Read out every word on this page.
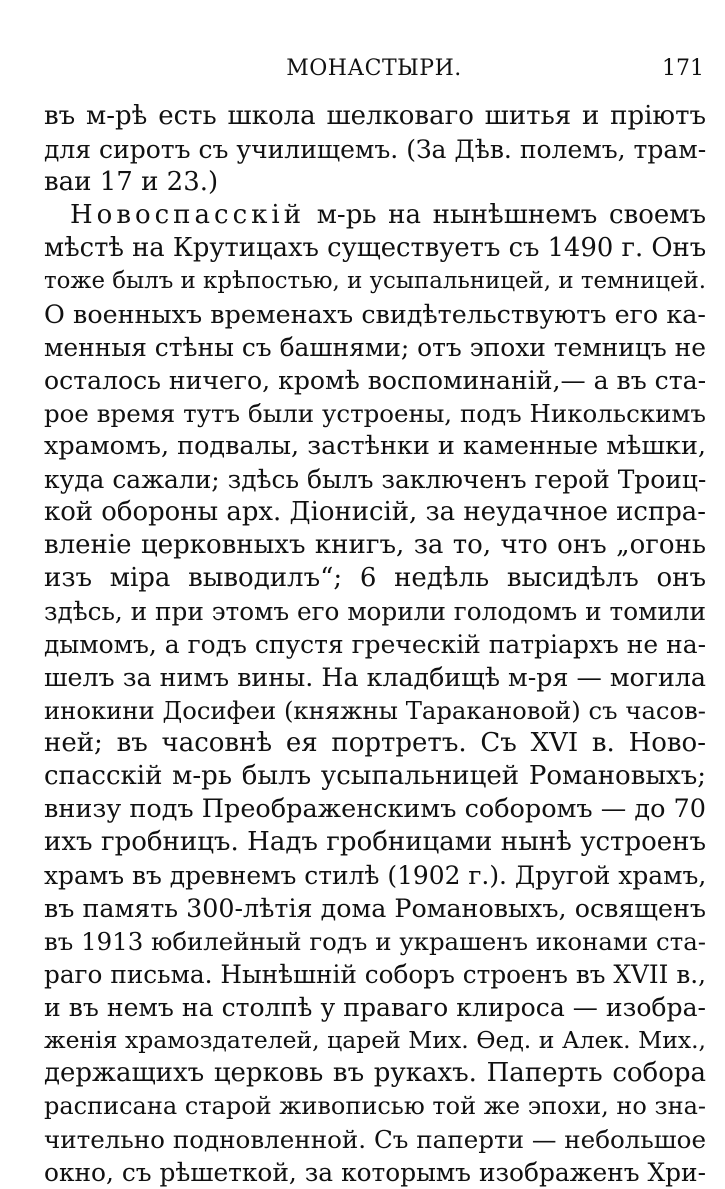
МОНАСТЫРИ.	171
въ м-рѣ есть школа шелковаго шитья и прiютъ
для сиротъ съ училищемъ. (За Дѣв. полемъ, трам-
ваи 17 и 23.)
Новоспасскiй м-рь на нынѣшнемъ своемъ
мѣстѣ на Крутицахъ существуетъ съ 1490 г. Онъ
тоже былъ и крѣпостью, и усыпальницей, и темницей.
О военныхъ временахъ свидѣтельствуютъ его ка-
менныя стѣны съ башнями; отъ эпохи темницъ не
осталось ничего, кромѣ воспоминанiй,— а въ ста-
рое время тутъ были устроены, подъ Никольскимъ
храмомъ, подвалы, застѣнки и каменные мѣшки,
куда сажали; здѣсь былъ заключенъ герой Троиц-
кой обороны арх. Дiонисiй, за неудачное испра-
вленiе церковныхъ книгъ, за то, что онъ „огонь
изъ мiра выводилъ“; 6 недѣль высидѣлъ онъ
здѣсь, и при этомъ его морили голодомъ и томили
дымомъ, а годъ спустя греческiй патрiархъ не на-
шелъ за нимъ вины. На кладбищѣ м-ря — могила
инокини Досифеи (княжны Таракановой) съ часов-
ней; въ часовнѣ ея портретъ. Съ XVI в. Ново-
спасскiй м-рь былъ усыпальницей Романовыхъ;
внизу подъ Преображенскимъ соборомъ — до 70
ихъ гробницъ. Надъ гробницами нынѣ устроенъ
храмъ въ древнемъ стилѣ (1902 г.). Другой храмъ,
въ память 300-лѣтiя дома Романовыхъ, освященъ
въ 1913 юбилейный годъ и украшенъ иконами ста-
раго письма. Нынѣшнiй соборъ строенъ въ XVII в.,
и въ немъ на столпѣ у праваго клироса — изобра-
женiя храмоздателей, царей Мих. Ѳед. и Алек. Мих.,
держащихъ церковь въ рукахъ. Паперть собора
расписана старой живописью той же эпохи, но зна-
чительно подновленной. Съ паперти — небольшое
окно, съ рѣшеткой, за которымъ изображенъ Хри-
